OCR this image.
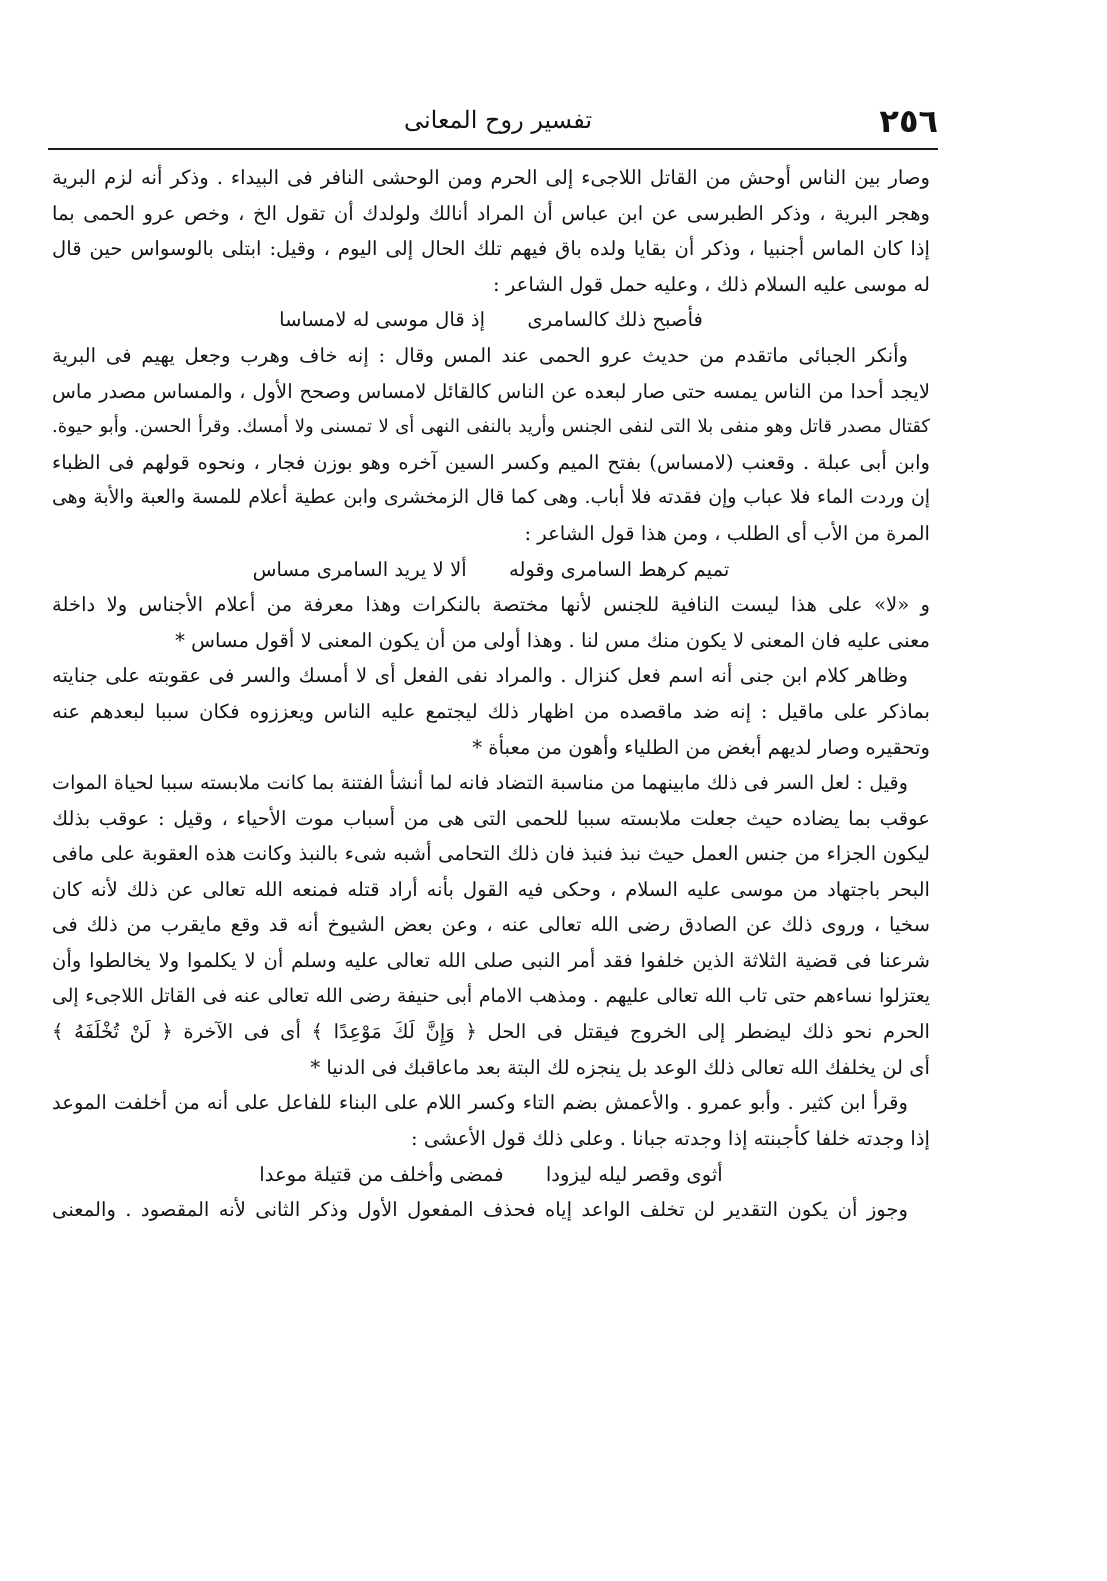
٢٥٦
تفسير روح المعانى
وصار بين الناس أوحش من القاتل اللاجىء إلى الحرم ومن الوحشى النافر فى البيداء . وذكر أنه لزم البرية
وهجر البرية ، وذكر الطبرسى عن ابن عباس أن المراد أنالك ولولدك أن تقول الخ ، وخص عرو الحمى بما
إذا كان الماس أجنبيا ، وذكر أن بقايا ولده باق فيهم تلك الحال إلى اليوم ، وقيل: ابتلى بالوسواس حين قال
له موسى عليه السلام ذلك ، وعليه حمل قول الشاعر :
فأصبح ذلك كالسامرى إذ قال موسى له لامساسا
وأنكر الجبائى ماتقدم من حديث عرو الحمى عند المس وقال : إنه خاف وهرب وجعل يهيم فى البرية
لايجد أحدا من الناس يمسه حتى صار لبعده عن الناس كالقائل لامساس وصحح الأول ، والمساس مصدر ماس
كقتال مصدر قاتل وهو منفى بلا التى لنفى الجنس وأريد بالنفى النهى أى لا تمسنى ولا أمسك. وقرأ الحسن. وأبو حيوة.
وابن أبى عبلة . وقعنب (لامساس) بفتح الميم وكسر السين آخره وهو بوزن فجار ، ونحوه قولهم فى الظباء
إن وردت الماء فلا عباب وإن فقدته فلا أباب. وهى كما قال الزمخشرى وابن عطية أعلام للمسة والعبة والأبة وهى
المرة من الأب أى الطلب ، ومن هذا قول الشاعر :
تميم كرهط السامرى وقوله ألا لا يريد السامرى مساس
و «لا» على هذا ليست النافية للجنس لأنها مختصة بالنكرات وهذا معرفة من أعلام الأجناس ولا داخلة
معنى عليه فان المعنى لا يكون منك مس لنا . وهذا أولى من أن يكون المعنى لا أقول مساس *
وظاهر كلام ابن جنى أنه اسم فعل كنزال . والمراد نفى الفعل أى لا أمسك والسر فى عقوبته على جنايته
بماذكر على ماقيل : إنه ضد ماقصده من اظهار ذلك ليجتمع عليه الناس ويعززوه فكان سببا لبعدهم عنه
وتحقيره وصار لديهم أبغض من الطلياء وأهون من معبأة *
وقيل : لعل السر فى ذلك مابينهما من مناسبة التضاد فانه لما أنشأ الفتنة بما كانت ملابسته سببا لحياة الموات
عوقب بما يضاده حيث جعلت ملابسته سببا للحمى التى هى من أسباب موت الأحياء ، وقيل : عوقب بذلك
ليكون الجزاء من جنس العمل حيث نبذ فنبذ فان ذلك التحامى أشبه شىء بالنبذ وكانت هذه العقوبة على مافى
البحر باجتهاد من موسى عليه السلام ، وحكى فيه القول بأنه أراد قتله فمنعه الله تعالى عن ذلك لأنه كان
سخيا ، وروى ذلك عن الصادق رضى الله تعالى عنه ، وعن بعض الشيوخ أنه قد وقع مايقرب من ذلك فى
شرعنا فى قضية الثلاثة الذين خلفوا فقد أمر النبى صلى الله تعالى عليه وسلم أن لا يكلموا ولا يخالطوا وأن
يعتزلوا نساءهم حتى تاب الله تعالى عليهم . ومذهب الامام أبى حنيفة رضى الله تعالى عنه فى القاتل اللاجىء إلى
الحرم نحو ذلك ليضطر إلى الخروج فيقتل فى الحل ﴿ وَإِنَّ لَكَ مَوْعِدًا ﴾ أى فى الآخرة ﴿ لَنْ تُخْلَفَهُ ﴾
أى لن يخلفك الله تعالى ذلك الوعد بل ينجزه لك البتة بعد ماعاقبك فى الدنيا *
وقرأ ابن كثير . وأبو عمرو . والأعمش بضم التاء وكسر اللام على البناء للفاعل على أنه من أخلفت الموعد
إذا وجدته خلفا كأجبنته إذا وجدته جبانا . وعلى ذلك قول الأعشى :
أثوى وقصر ليله ليزودا فمضى وأخلف من قتيلة موعدا
وجوز أن يكون التقدير لن تخلف الواعد إياه فحذف المفعول الأول وذكر الثانى لأنه المقصود . والمعنى
